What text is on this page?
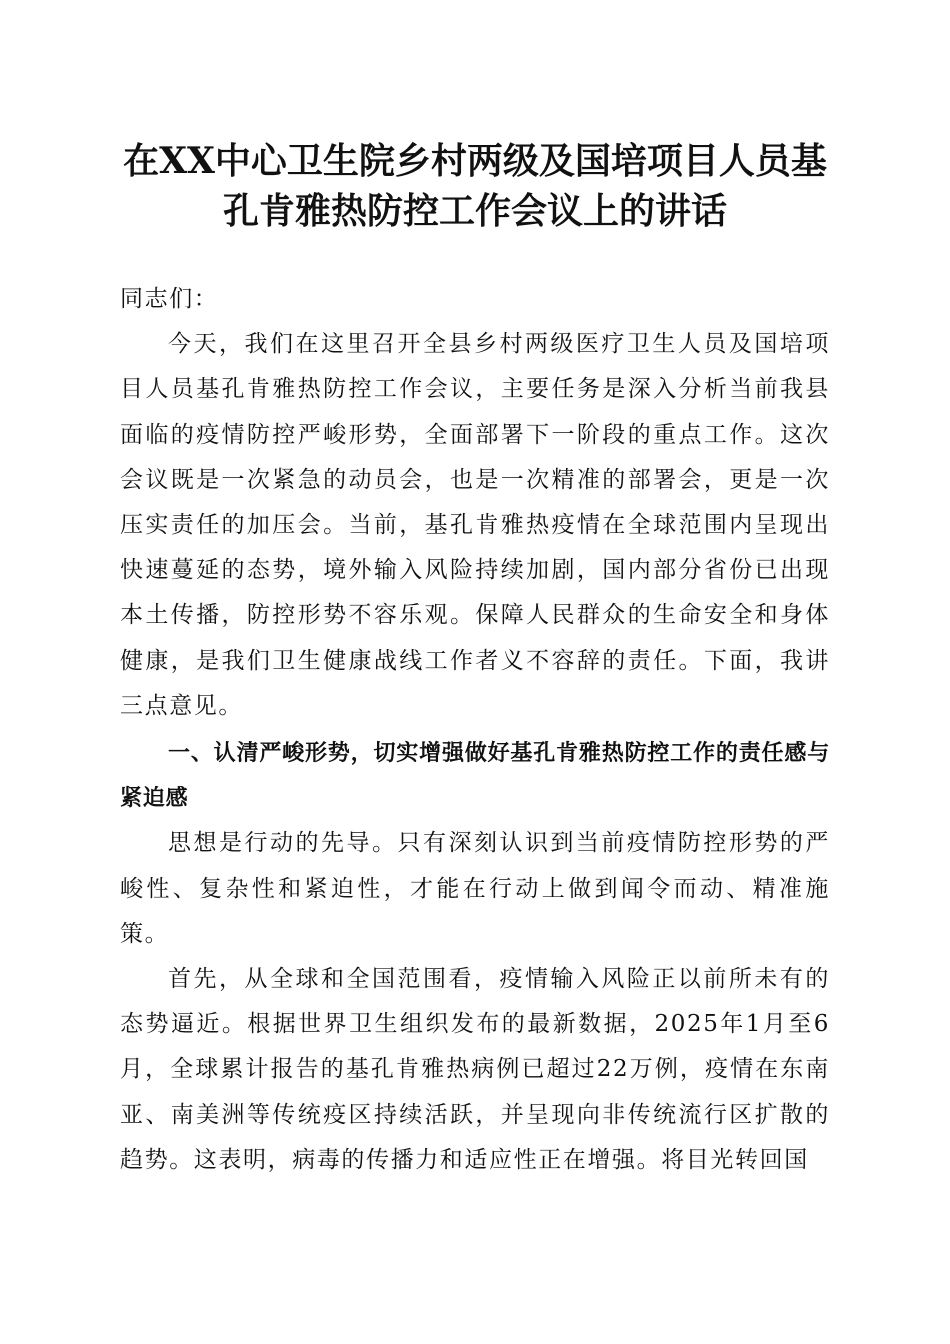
在XX中心卫生院乡村两级及国培项目人员基
孔肯雅热防控工作会议上的讲话

同志们：

今天，我们在这里召开全县乡村两级医疗卫生人员及国培项目人员基孔肯雅热防控工作会议，主要任务是深入分析当前我县面临的疫情防控严峻形势，全面部署下一阶段的重点工作。这次会议既是一次紧急的动员会，也是一次精准的部署会，更是一次压实责任的加压会。当前，基孔肯雅热疫情在全球范围内呈现出快速蔓延的态势，境外输入风险持续加剧，国内部分省份已出现本土传播，防控形势不容乐观。保障人民群众的生命安全和身体健康，是我们卫生健康战线工作者义不容辞的责任。下面，我讲三点意见。

一、认清严峻形势，切实增强做好基孔肯雅热防控工作的责任感与紧迫感

思想是行动的先导。只有深刻认识到当前疫情防控形势的严峻性、复杂性和紧迫性，才能在行动上做到闻令而动、精准施策。

首先，从全球和全国范围看，疫情输入风险正以前所未有的态势逼近。根据世界卫生组织发布的最新数据，2025年1月至6月，全球累计报告的基孔肯雅热病例已超过22万例，疫情在东南亚、南美洲等传统疫区持续活跃，并呈现向非传统流行区扩散的趋势。这表明，病毒的传播力和适应性正在增强。将目光转回国
